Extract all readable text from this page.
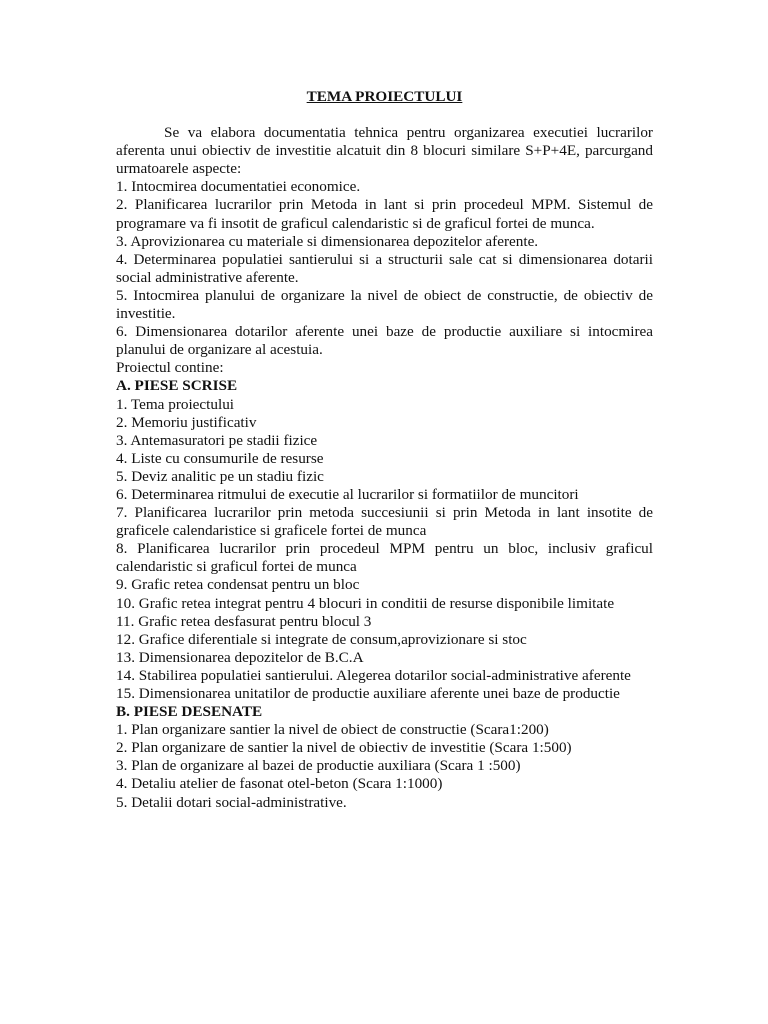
TEMA PROIECTULUI

Se va elabora documentatia tehnica pentru organizarea executiei lucrarilor aferenta unui obiectiv de investitie alcatuit din 8 blocuri similare S+P+4E, parcurgand urmatoarele aspecte:

1. Intocmirea documentatiei economice.
2. Planificarea lucrarilor prin Metoda in lant si prin procedeul MPM. Sistemul de programare va fi insotit de graficul calendaristic si de graficul fortei de munca.
3. Aprovizionarea cu materiale si dimensionarea depozitelor aferente.
4. Determinarea populatiei santierului si a structurii sale cat si dimensionarea dotarii social administrative aferente.
5. Intocmirea planului de organizare la nivel de obiect de constructie, de obiectiv de investitie.
6. Dimensionarea dotarilor aferente unei baze de productie auxiliare si intocmirea planului de organizare al acestuia.

Proiectul contine:

A. PIESE SCRISE
1. Tema proiectului
2. Memoriu justificativ
3. Antemasuratori pe stadii fizice
4. Liste cu consumurile de resurse
5. Deviz analitic pe un stadiu fizic
6. Determinarea ritmului de executie al lucrarilor si formatiilor de muncitori
7. Planificarea lucrarilor prin metoda succesiunii si prin Metoda in lant insotite de graficele calendaristice si graficele fortei de munca
8. Planificarea lucrarilor prin procedeul MPM pentru un bloc, inclusiv graficul calendaristic si graficul fortei de munca
9. Grafic retea condensat pentru un bloc
10. Grafic retea integrat pentru 4 blocuri in conditii de resurse disponibile limitate
11. Grafic retea desfasurat pentru blocul 3
12. Grafice diferentiale si integrate de consum,aprovizionare si stoc
13. Dimensionarea depozitelor de B.C.A
14. Stabilirea populatiei santierului. Alegerea dotarilor social-administrative aferente
15. Dimensionarea unitatilor de productie auxiliare aferente unei baze de productie
B. PIESE DESENATE
1. Plan organizare santier la nivel de obiect de constructie (Scara1:200)
2. Plan organizare de santier la nivel de obiectiv de investitie (Scara 1:500)
3. Plan de organizare al bazei de productie auxiliara (Scara 1 :500)
4. Detaliu atelier de fasonat otel-beton (Scara 1:1000)
5. Detalii dotari social-administrative.
